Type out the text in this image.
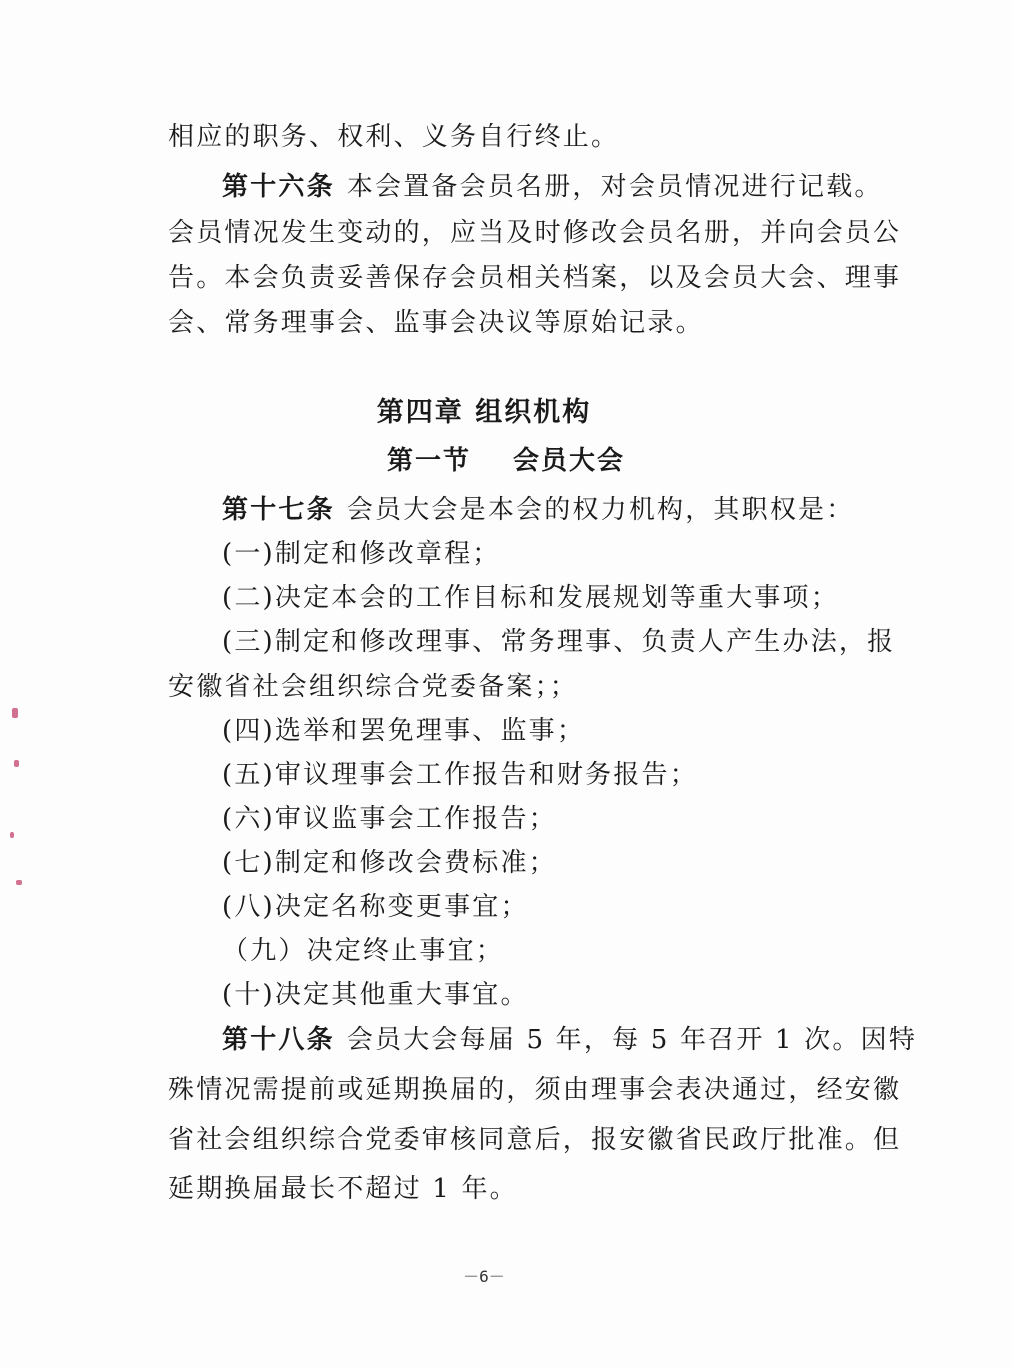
相应的职务、权利、义务自行终止。

第十六条 本会置备会员名册，对会员情况进行记载。

会员情况发生变动的，应当及时修改会员名册，并向会员公

告。本会负责妥善保存会员相关档案，以及会员大会、理事

会、常务理事会、监事会决议等原始记录。

第四章 组织机构
第一节 会员大会

第十七条 会员大会是本会的权力机构，其职权是：

(一)制定和修改章程；

(二)决定本会的工作目标和发展规划等重大事项；

(三)制定和修改理事、常务理事、负责人产生办法，报

安徽省社会组织综合党委备案；；

(四)选举和罢免理事、监事；

(五)审议理事会工作报告和财务报告；

(六)审议监事会工作报告；

(七)制定和修改会费标准；

(八)决定名称变更事宜；

（九）决定终止事宜；

(十)决定其他重大事宜。

第十八条 会员大会每届 5 年，每 5 年召开 1 次。因特

殊情况需提前或延期换届的，须由理事会表决通过，经安徽

省社会组织综合党委审核同意后，报安徽省民政厅批准。但

延期换届最长不超过 1 年。

－6－
